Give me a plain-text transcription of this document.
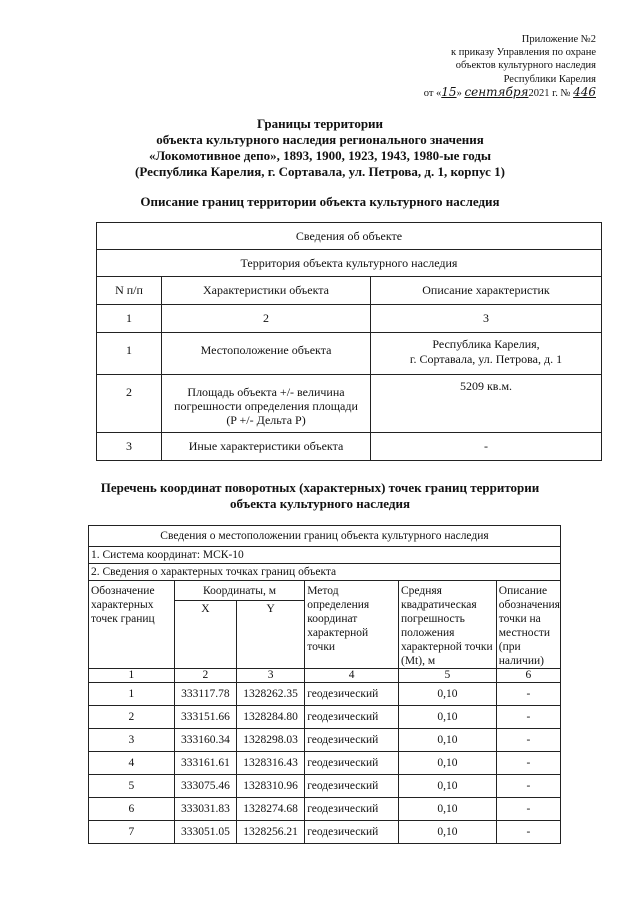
Приложение №2
к приказу Управления по охране
объектов культурного наследия
Республики Карелия
от «15» сентября2021 г. № 446
Границы территории
объекта культурного наследия регионального значения
«Локомотивное депо», 1893, 1900, 1923, 1943, 1980-ые годы
(Республика Карелия, г. Сортавала, ул. Петрова, д. 1, корпус 1)
Описание границ территории объекта культурного наследия
Сведения об объекте		
Территория объекта культурного наследия		
N п/п	Характеристики объекта	Описание характеристик
1	2	3
1	Местоположение объекта	Республика Карелия,
г. Сортавала, ул. Петрова, д. 1

2	Площадь объекта +/- величина
погрешности определения площади
(P +/- Дельта P)	5209 кв.м.
3	Иные характеристики объекта	-
Перечень координат поворотных (характерных) точек границ территории
объекта культурного наследия
Сведения о местоположении границ объекта культурного наследия					
1. Система координат: МСК-10					
2. Сведения о характерных точках границ объекта					
Обозначение характерных точек границ	Координаты, м		Метод определения координат характерной точки	Средняя квадратическая погрешность положения характерной точки (Mt), м	Описание обозначения точки на местности (при наличии)
	X	Y			
1	2	3	4	5	6
1	333117.78	1328262.35	геодезический	0,10	-
2	333151.66	1328284.80	геодезический	0,10	-
3	333160.34	1328298.03	геодезический	0,10	-
4	333161.61	1328316.43	геодезический	0,10	-
5	333075.46	1328310.96	геодезический	0,10	-
6	333031.83	1328274.68	геодезический	0,10	-
7	333051.05	1328256.21	геодезический	0,10	-
